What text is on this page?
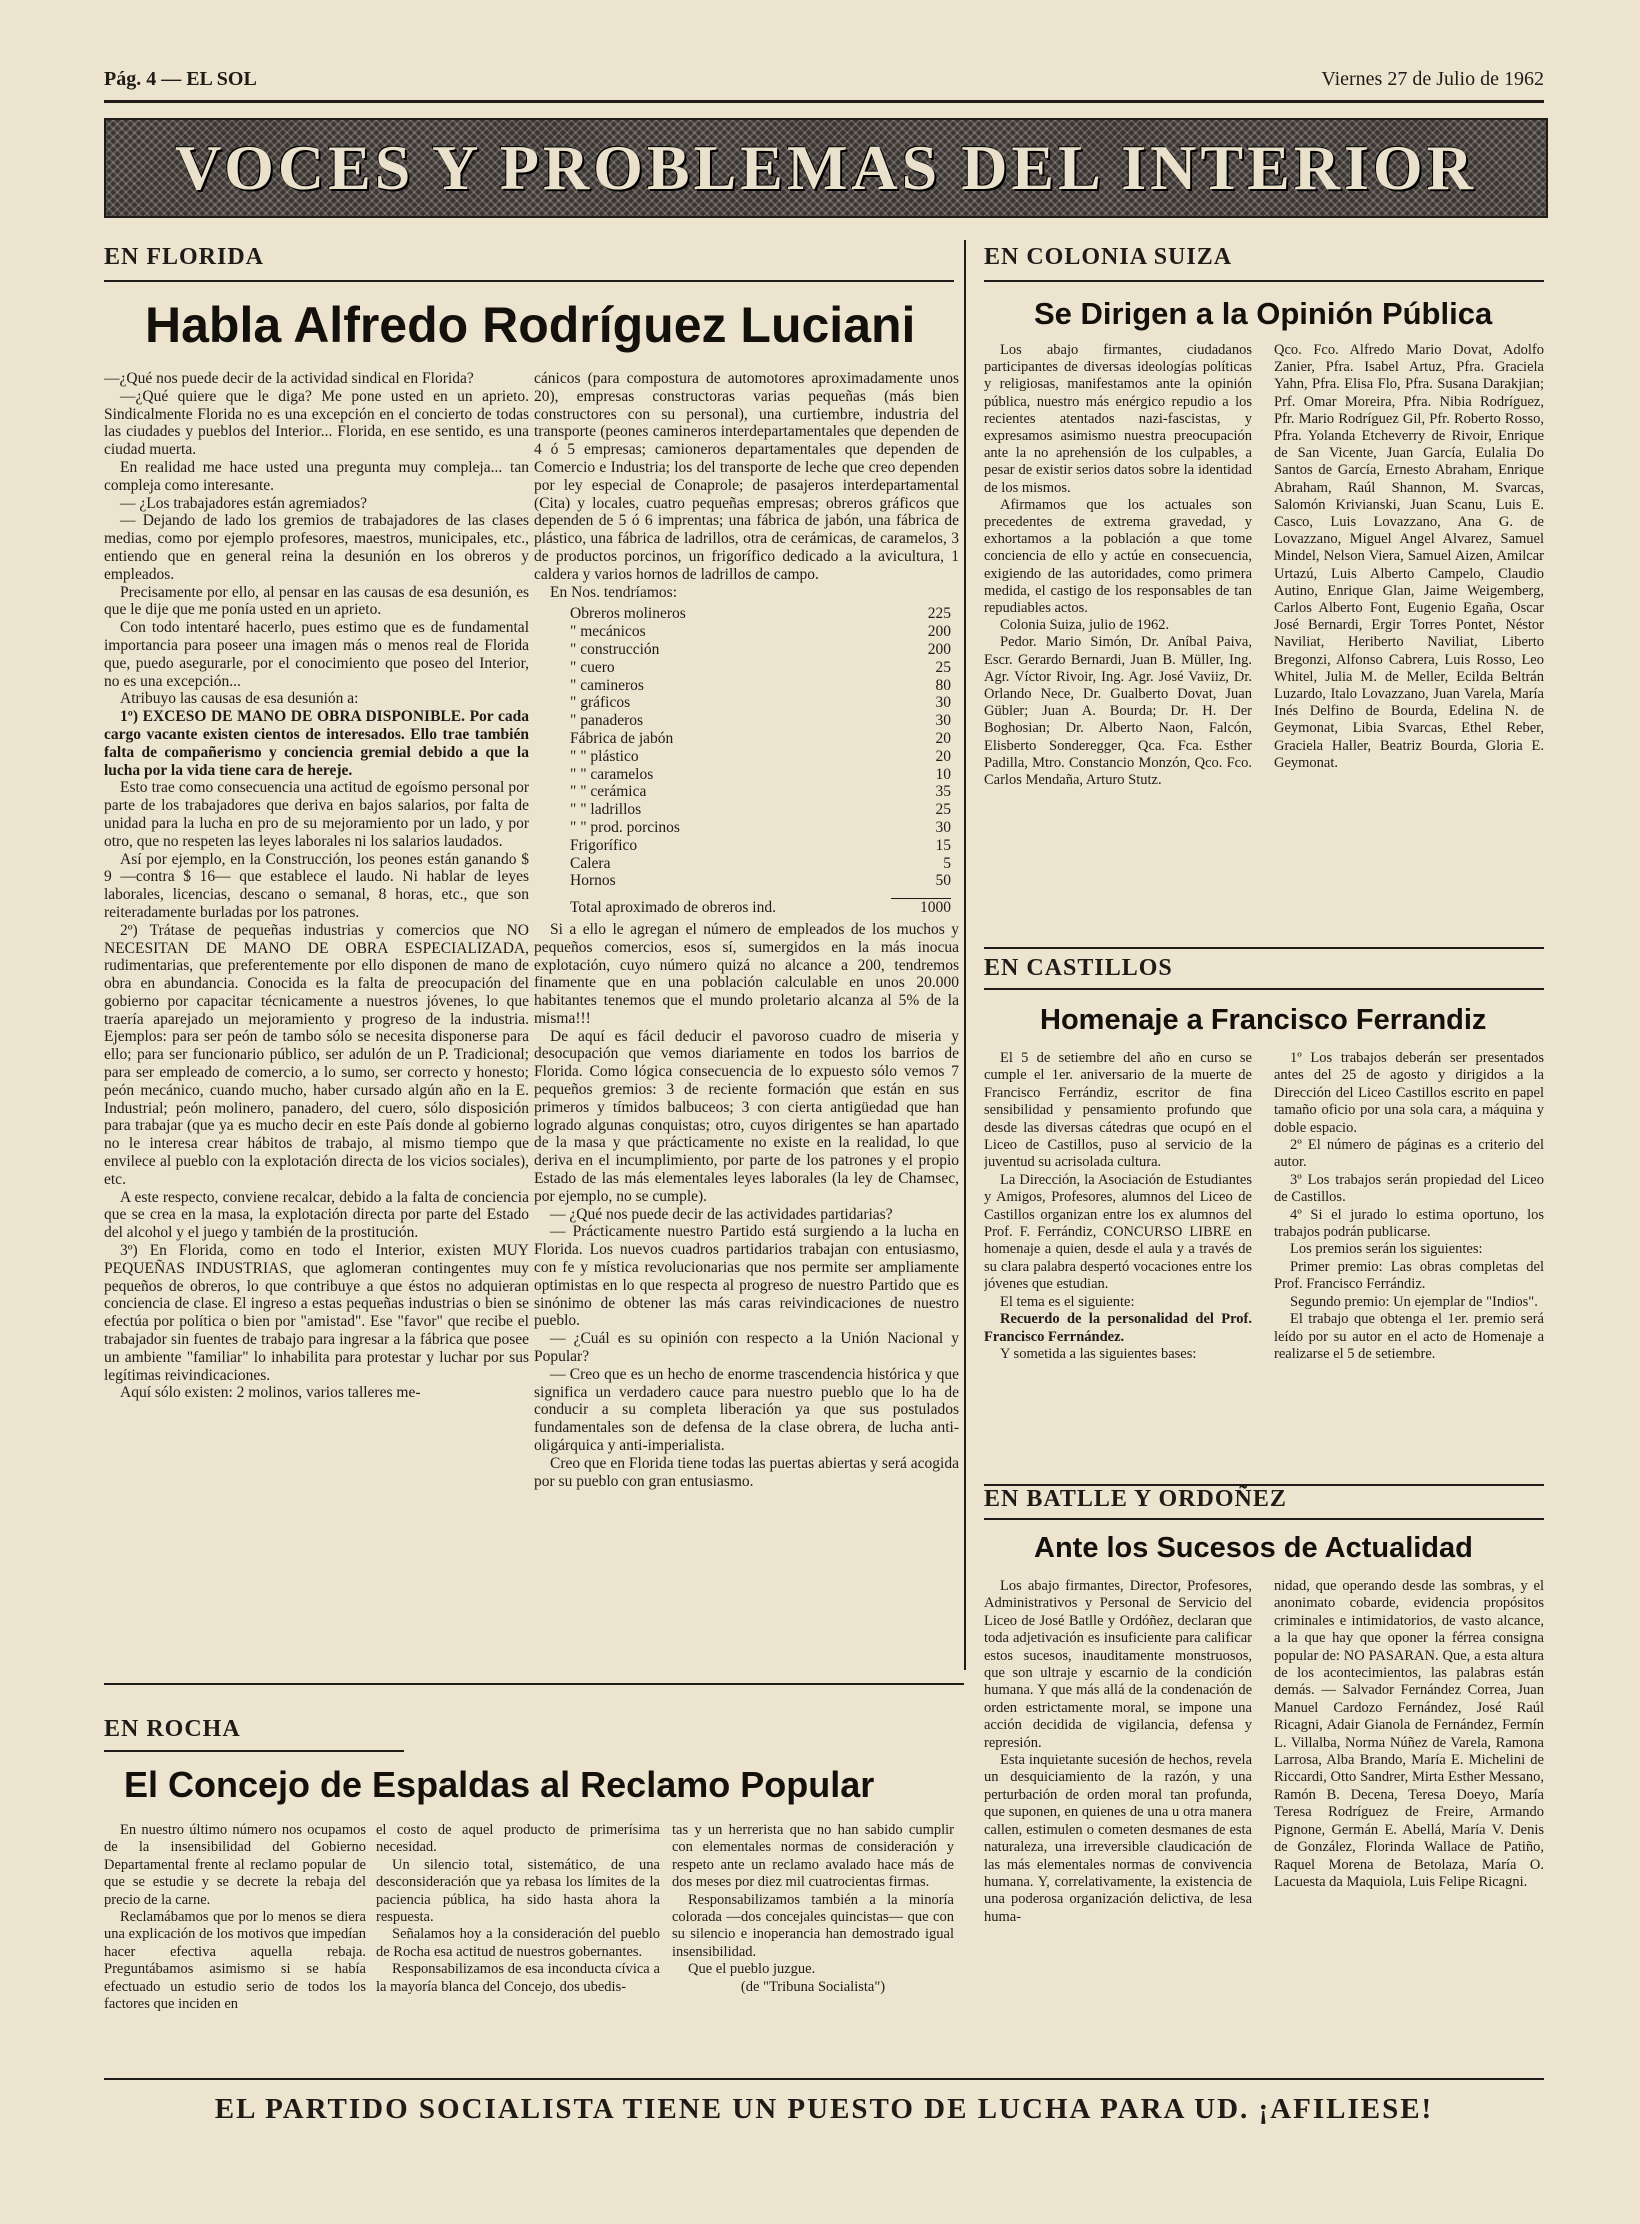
Pág. 4 — EL SOL	Viernes 27 de Julio de 1962
VOCES Y PROBLEMAS DEL INTERIOR
EN FLORIDA
Habla Alfredo Rodríguez Luciani

—¿Qué nos puede decir de la actividad sindical en Florida?

—¿Qué quiere que le diga? Me pone usted en un aprieto. Sindicalmente Florida no es una excepción en el concierto de todas las ciudades y pueblos del Interior... Florida, en ese sentido, es una ciudad muerta.

En realidad me hace usted una pregunta muy compleja... tan compleja como interesante.

— ¿Los trabajadores están agremiados?

— Dejando de lado los gremios de trabajadores de las clases medias, como por ejemplo profesores, maestros, municipales, etc., entiendo que en general reina la desunión en los obreros y empleados.

Precisamente por ello, al pensar en las causas de esa desunión, es que le dije que me ponía usted en un aprieto.

Con todo intentaré hacerlo, pues estimo que es de fundamental importancia para poseer una imagen más o menos real de Florida que, puedo asegurarle, por el conocimiento que poseo del Interior, no es una excepción...

Atribuyo las causas de esa desunión a:

1º) EXCESO DE MANO DE OBRA DISPONIBLE. Por cada cargo vacante existen cientos de interesados. Ello trae también falta de compañerismo y conciencia gremial debido a que la lucha por la vida tiene cara de hereje.

Esto trae como consecuencia una actitud de egoísmo personal por parte de los trabajadores que deriva en bajos salarios, por falta de unidad para la lucha en pro de su mejoramiento por un lado, y por otro, que no respeten las leyes laborales ni los salarios laudados.

Así por ejemplo, en la Construcción, los peones están ganando $ 9 —contra $ 16— que establece el laudo. Ni hablar de leyes laborales, licencias, descano o semanal, 8 horas, etc., que son reiteradamente burladas por los patrones.

2º) Trátase de pequeñas industrias y comercios que NO NECESITAN DE MANO DE OBRA ESPECIALIZADA, rudimentarias, que preferentemente por ello disponen de mano de obra en abundancia. Conocida es la falta de preocupación del gobierno por capacitar técnicamente a nuestros jóvenes, lo que traería aparejado un mejoramiento y progreso de la industria. Ejemplos: para ser peón de tambo sólo se necesita disponerse para ello; para ser funcionario público, ser adulón de un P. Tradicional; para ser empleado de comercio, a lo sumo, ser correcto y honesto; peón mecánico, cuando mucho, haber cursado algún año en la E. Industrial; peón molinero, panadero, del cuero, sólo disposición para trabajar (que ya es mucho decir en este País donde al gobierno no le interesa crear hábitos de trabajo, al mismo tiempo que envilece al pueblo con la explotación directa de los vicios sociales), etc.

A este respecto, conviene recalcar, debido a la falta de conciencia que se crea en la masa, la explotación directa por parte del Estado del alcohol y el juego y también de la prostitución.

3º) En Florida, como en todo el Interior, existen MUY PEQUEÑAS INDUSTRIAS, que aglomeran contingentes muy pequeños de obreros, lo que contribuye a que éstos no adquieran conciencia de clase. El ingreso a estas pequeñas industrias o bien se efectúa por política o bien por "amistad". Ese "favor" que recibe el trabajador sin fuentes de trabajo para ingresar a la fábrica que posee un ambiente "familiar" lo inhabilita para protestar y luchar por sus legítimas reivindicaciones.

Aquí sólo existen: 2 molinos, varios talleres me-

cánicos (para compostura de automotores aproximadamente unos 20), empresas constructoras varias pequeñas (más bien constructores con su personal), una curtiembre, industria del transporte (peones camineros interdepartamentales que dependen de 4 ó 5 empresas; camioneros departamentales que dependen de Comercio e Industria; los del transporte de leche que creo dependen por ley especial de Conaprole; de pasajeros interdepartamental (Cita) y locales, cuatro pequeñas empresas; obreros gráficos que dependen de 5 ó 6 imprentas; una fábrica de jabón, una fábrica de plástico, una fábrica de ladrillos, otra de cerámicas, de caramelos, 3 de productos porcinos, un frigorífico dedicado a la avicultura, 1 caldera y varios hornos de ladrillos de campo.

En Nos. tendríamos:

Obreros molineros	225
" mecánicos	200
" construcción	200
" cuero	25
" camineros	80
" gráficos	30
" panaderos	30
Fábrica de jabón	20
" " plástico	20
" " caramelos	10
" " cerámica	35
" " ladrillos	25
" " prod. porcinos	30
Frigorífico	15
Calera	5
Hornos	50
Total aproximado de obreros ind.	1000

Si a ello le agregan el número de empleados de los muchos y pequeños comercios, esos sí, sumergidos en la más inocua explotación, cuyo número quizá no alcance a 200, tendremos finamente que en una población calculable en unos 20.000 habitantes tenemos que el mundo proletario alcanza al 5% de la misma!!!

De aquí es fácil deducir el pavoroso cuadro de miseria y desocupación que vemos diariamente en todos los barrios de Florida. Como lógica consecuencia de lo expuesto sólo vemos 7 pequeños gremios: 3 de reciente formación que están en sus primeros y tímidos balbuceos; 3 con cierta antigüedad que han logrado algunas conquistas; otro, cuyos dirigentes se han apartado de la masa y que prácticamente no existe en la realidad, lo que deriva en el incumplimiento, por parte de los patrones y el propio Estado de las más elementales leyes laborales (la ley de Chamsec, por ejemplo, no se cumple).

— ¿Qué nos puede decir de las actividades partidarias?

— Prácticamente nuestro Partido está surgiendo a la lucha en Florida. Los nuevos cuadros partidarios trabajan con entusiasmo, con fe y mística revolucionarias que nos permite ser ampliamente optimistas en lo que respecta al progreso de nuestro Partido que es sinónimo de obtener las más caras reivindicaciones de nuestro pueblo.

— ¿Cuál es su opinión con respecto a la Unión Nacional y Popular?

— Creo que es un hecho de enorme trascendencia histórica y que significa un verdadero cauce para nuestro pueblo que lo ha de conducir a su completa liberación ya que sus postulados fundamentales son de defensa de la clase obrera, de lucha anti-oligárquica y anti-imperialista.

Creo que en Florida tiene todas las puertas abiertas y será acogida por su pueblo con gran entusiasmo.

EN COLONIA SUIZA
Se Dirigen a la Opinión Pública

Los abajo firmantes, ciudadanos participantes de diversas ideologías políticas y religiosas, manifestamos ante la opinión pública, nuestro más enérgico repudio a los recientes atentados nazi-fascistas, y expresamos asimismo nuestra preocupación ante la no aprehensión de los culpables, a pesar de existir serios datos sobre la identidad de los mismos.

Afirmamos que los actuales son precedentes de extrema gravedad, y exhortamos a la población a que tome conciencia de ello y actúe en consecuencia, exigiendo de las autoridades, como primera medida, el castigo de los responsables de tan repudiables actos.

Colonia Suiza, julio de 1962.

Pedor. Mario Simón, Dr. Aníbal Paiva, Escr. Gerardo Bernardi, Juan B. Müller, Ing. Agr. Víctor Rivoir, Ing. Agr. José Vaviiz, Dr. Orlando Nece, Dr. Gualberto Dovat, Juan Gübler; Juan A. Bourda; Dr. H. Der Boghosian; Dr. Alberto Naon, Falcón, Elisberto Sonderegger, Qca. Fca. Esther Padilla, Mtro. Constancio Monzón, Qco. Fco. Carlos Mendaña, Arturo Stutz.

Qco. Fco. Alfredo Mario Dovat, Adolfo Zanier, Pfra. Isabel Artuz, Pfra. Graciela Yahn, Pfra. Elisa Flo, Pfra. Susana Darakjian; Prf. Omar Moreira, Pfra. Nibia Rodríguez, Pfr. Mario Rodríguez Gil, Pfr. Roberto Rosso, Pfra. Yolanda Etcheverry de Rivoir, Enrique de San Vicente, Juan García, Eulalia Do Santos de García, Ernesto Abraham, Enrique Abraham, Raúl Shannon, M. Svarcas, Salomón Krivianski, Juan Scanu, Luis E. Casco, Luis Lovazzano, Ana G. de Lovazzano, Miguel Angel Alvarez, Samuel Mindel, Nelson Viera, Samuel Aizen, Amilcar Urtazú, Luis Alberto Campelo, Claudio Autino, Enrique Glan, Jaime Weigemberg, Carlos Alberto Font, Eugenio Egaña, Oscar José Bernardi, Ergir Torres Pontet, Néstor Naviliat, Heriberto Naviliat, Liberto Bregonzi, Alfonso Cabrera, Luis Rosso, Leo Whitel, Julia M. de Meller, Ecilda Beltrán Luzardo, Italo Lovazzano, Juan Varela, María Inés Delfino de Bourda, Edelina N. de Geymonat, Libia Svarcas, Ethel Reber, Graciela Haller, Beatriz Bourda, Gloria E. Geymonat.

EN CASTILLOS
Homenaje a Francisco Ferrandiz

El 5 de setiembre del año en curso se cumple el 1er. aniversario de la muerte de Francisco Ferrándiz, escritor de fina sensibilidad y pensamiento profundo que desde las diversas cátedras que ocupó en el Liceo de Castillos, puso al servicio de la juventud su acrisolada cultura.

La Dirección, la Asociación de Estudiantes y Amigos, Profesores, alumnos del Liceo de Castillos organizan entre los ex alumnos del Prof. F. Ferrándiz, CONCURSO LIBRE en homenaje a quien, desde el aula y a través de su clara palabra despertó vocaciones entre los jóvenes que estudian.

El tema es el siguiente:

Recuerdo de la personalidad del Prof. Francisco Ferrnández.

Y sometida a las siguientes bases:

1º Los trabajos deberán ser presentados antes del 25 de agosto y dirigidos a la Dirección del Liceo Castillos escrito en papel tamaño oficio por una sola cara, a máquina y doble espacio.

2º El número de páginas es a criterio del autor.

3º Los trabajos serán propiedad del Liceo de Castillos.

4º Si el jurado lo estima oportuno, los trabajos podrán publicarse.

Los premios serán los siguientes:

Primer premio: Las obras completas del Prof. Francisco Ferrándiz.

Segundo premio: Un ejemplar de "Indios".

El trabajo que obtenga el 1er. premio será leído por su autor en el acto de Homenaje a realizarse el 5 de setiembre.

EN BATLLE Y ORDOÑEZ
Ante los Sucesos de Actualidad

Los abajo firmantes, Director, Profesores, Administrativos y Personal de Servicio del Liceo de José Batlle y Ordóñez, declaran que toda adjetivación es insuficiente para calificar estos sucesos, inauditamente monstruosos, que son ultraje y escarnio de la condición humana. Y que más allá de la condenación de orden estrictamente moral, se impone una acción decidida de vigilancia, defensa y represión.

Esta inquietante sucesión de hechos, revela un desquiciamiento de la razón, y una perturbación de orden moral tan profunda, que suponen, en quienes de una u otra manera callen, estimulen o cometen desmanes de esta naturaleza, una irreversible claudicación de las más elementales normas de convivencia humana. Y, correlativamente, la existencia de una poderosa organización delictiva, de lesa huma-

nidad, que operando desde las sombras, y el anonimato cobarde, evidencia propósitos criminales e intimidatorios, de vasto alcance, a la que hay que oponer la férrea consigna popular de: NO PASARAN. Que, a esta altura de los acontecimientos, las palabras están demás. — Salvador Fernández Correa, Juan Manuel Cardozo Fernández, José Raúl Ricagni, Adair Gianola de Fernández, Fermín L. Villalba, Norma Núñez de Varela, Ramona Larrosa, Alba Brando, María E. Michelini de Riccardi, Otto Sandrer, Mirta Esther Messano, Ramón B. Decena, Teresa Doeyo, María Teresa Rodríguez de Freire, Armando Pignone, Germán E. Abellá, María V. Denis de González, Florinda Wallace de Patiño, Raquel Morena de Betolaza, María O. Lacuesta da Maquiola, Luis Felipe Ricagni.

EN ROCHA
El Concejo de Espaldas al Reclamo Popular

En nuestro último número nos ocupamos de la insensibilidad del Gobierno Departamental frente al reclamo popular de que se estudie y se decrete la rebaja del precio de la carne.

Reclamábamos que por lo menos se diera una explicación de los motivos que impedían hacer efectiva aquella rebaja. Preguntábamos asimismo si se había efectuado un estudio serio de todos los factores que inciden en

el costo de aquel producto de primerísima necesidad.

Un silencio total, sistemático, de una desconsideración que ya rebasa los límites de la paciencia pública, ha sido hasta ahora la respuesta.

Señalamos hoy a la consideración del pueblo de Rocha esa actitud de nuestros gobernantes.

Responsabilizamos de esa inconducta cívica a la mayoría blanca del Concejo, dos ubedis-

tas y un herrerista que no han sabido cumplir con elementales normas de consideración y respeto ante un reclamo avalado hace más de dos meses por diez mil cuatrocientas firmas.

Responsabilizamos también a la minoría colorada —dos concejales quincistas— que con su silencio e inoperancia han demostrado igual insensibilidad.

Que el pueblo juzgue.

(de "Tribuna Socialista")

EL PARTIDO SOCIALISTA TIENE UN PUESTO DE LUCHA PARA UD. ¡AFILIESE!
